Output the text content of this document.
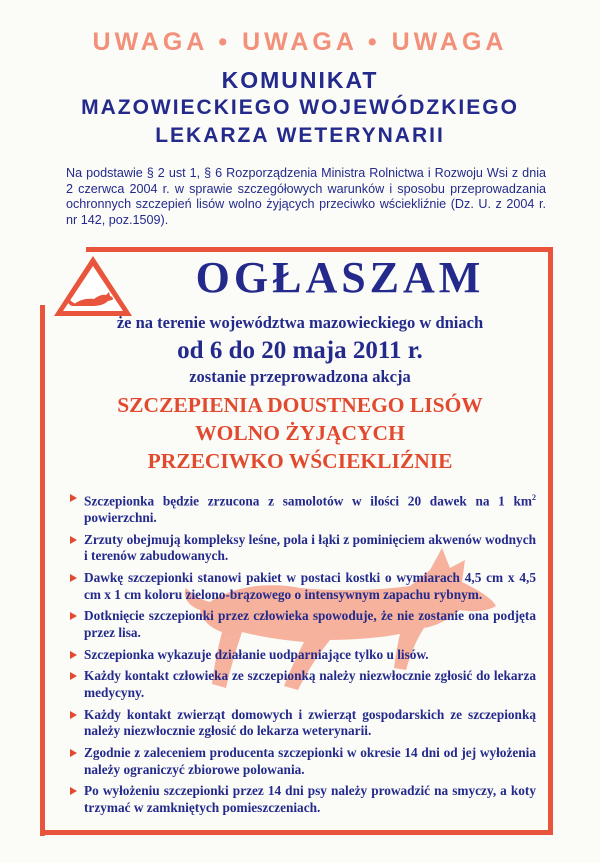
UWAGA • UWAGA • UWAGA
KOMUNIKAT
MAZOWIECKIEGO WOJEWÓDZKIEGO
LEKARZA WETERYNARII
Na podstawie § 2 ust 1, § 6 Rozporządzenia Ministra Rolnictwa i Rozwoju Wsi z dnia 2 czerwca 2004 r. w sprawie szczegółowych warunków i sposobu przeprowadzania ochronnych szczepień lisów wolno żyjących przeciwko wściekliźnie (Dz. U. z 2004 r. nr 142, poz.1509).
OGŁASZAM
że na terenie województwa mazowieckiego w dniach
od 6 do 20 maja 2011 r.
zostanie przeprowadzona akcja
SZCZEPIENIA DOUSTNEGO LISÓW
WOLNO ŻYJĄCYCH
PRZECIWKO WŚCIEKLIŹNIE
Szczepionka będzie zrzucona z samolotów w ilości 20 dawek na 1 $km^2$ powierzchni.
Zrzuty obejmują kompleksy leśne, pola i łąki z pominięciem akwenów wodnych i terenów zabudowanych.
Dawkę szczepionki stanowi pakiet w postaci kostki o wymiarach 4,5 cm x 4,5 cm x 1 cm koloru zielono-brązowego o intensywnym zapachu rybnym.
Dotknięcie szczepionki przez człowieka spowoduje, że nie zostanie ona podjęta przez lisa.
Szczepionka wykazuje działanie uodparniające tylko u lisów.
Każdy kontakt człowieka ze szczepionką należy niezwłocznie zgłosić do lekarza medycyny.
Każdy kontakt zwierząt domowych i zwierząt gospodarskich ze szczepionką należy niezwłocznie zgłosić do lekarza weterynarii.
Zgodnie z zaleceniem producenta szczepionki w okresie 14 dni od jej wyłożenia należy ograniczyć zbiorowe polowania.
Po wyłożeniu szczepionki przez 14 dni psy należy prowadzić na smyczy, a koty trzymać w zamkniętych pomieszczeniach.
